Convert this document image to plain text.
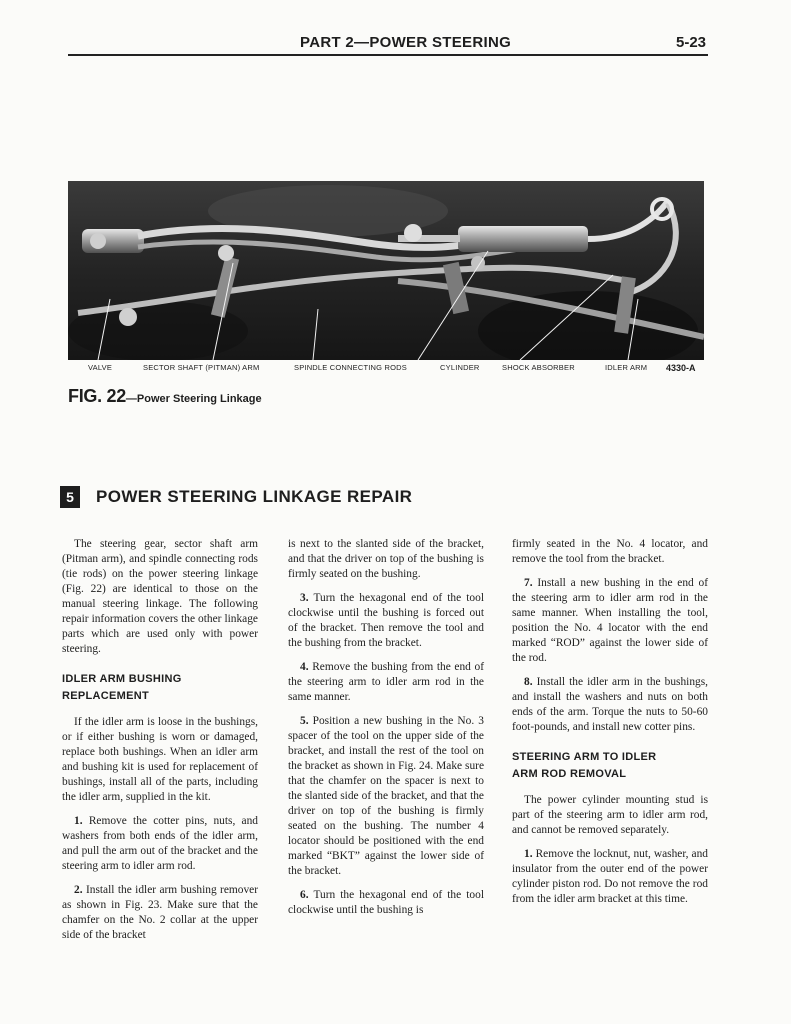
PART 2—POWER STEERING	5-23
VALVE	SECTOR SHAFT (PITMAN) ARM	SPINDLE CONNECTING RODS	CYLINDER	SHOCK ABSORBER	IDLER ARM 4330-A
FIG. 22—Power Steering Linkage
5	POWER STEERING LINKAGE REPAIR

The steering gear, sector shaft arm (Pitman arm), and spindle connecting rods (tie rods) on the power steering linkage (Fig. 22) are identical to those on the manual steering linkage. The following repair information covers the other linkage parts which are used only with power steering.

IDLER ARM BUSHING
REPLACEMENT

If the idler arm is loose in the bushings, or if either bushing is worn or damaged, replace both bushings. When an idler arm and bushing kit is used for replacement of bushings, install all of the parts, including the idler arm, supplied in the kit.

1. Remove the cotter pins, nuts, and washers from both ends of the idler arm, and pull the arm out of the bracket and the steering arm to idler arm rod.

2. Install the idler arm bushing remover as shown in Fig. 23. Make sure that the chamfer on the No. 2 collar at the upper side of the bracket

is next to the slanted side of the bracket, and that the driver on top of the bushing is firmly seated on the bushing.

3. Turn the hexagonal end of the tool clockwise until the bushing is forced out of the bracket. Then remove the tool and the bushing from the bracket.

4. Remove the bushing from the end of the steering arm to idler arm rod in the same manner.

5. Position a new bushing in the No. 3 spacer of the tool on the upper side of the bracket, and install the rest of the tool on the bracket as shown in Fig. 24. Make sure that the chamfer on the spacer is next to the slanted side of the bracket, and that the driver on top of the bushing is firmly seated on the bushing. The number 4 locator should be positioned with the end marked “BKT” against the lower side of the bracket.

6. Turn the hexagonal end of the tool clockwise until the bushing is

firmly seated in the No. 4 locator, and remove the tool from the bracket.

7. Install a new bushing in the end of the steering arm to idler arm rod in the same manner. When installing the tool, position the No. 4 locator with the end marked “ROD” against the lower side of the rod.

8. Install the idler arm in the bushings, and install the washers and nuts on both ends of the arm. Torque the nuts to 50-60 foot-pounds, and install new cotter pins.

STEERING ARM TO IDLER
ARM ROD REMOVAL

The power cylinder mounting stud is part of the steering arm to idler arm rod, and cannot be removed separately.

1. Remove the locknut, nut, washer, and insulator from the outer end of the power cylinder piston rod. Do not remove the rod from the idler arm bracket at this time.
